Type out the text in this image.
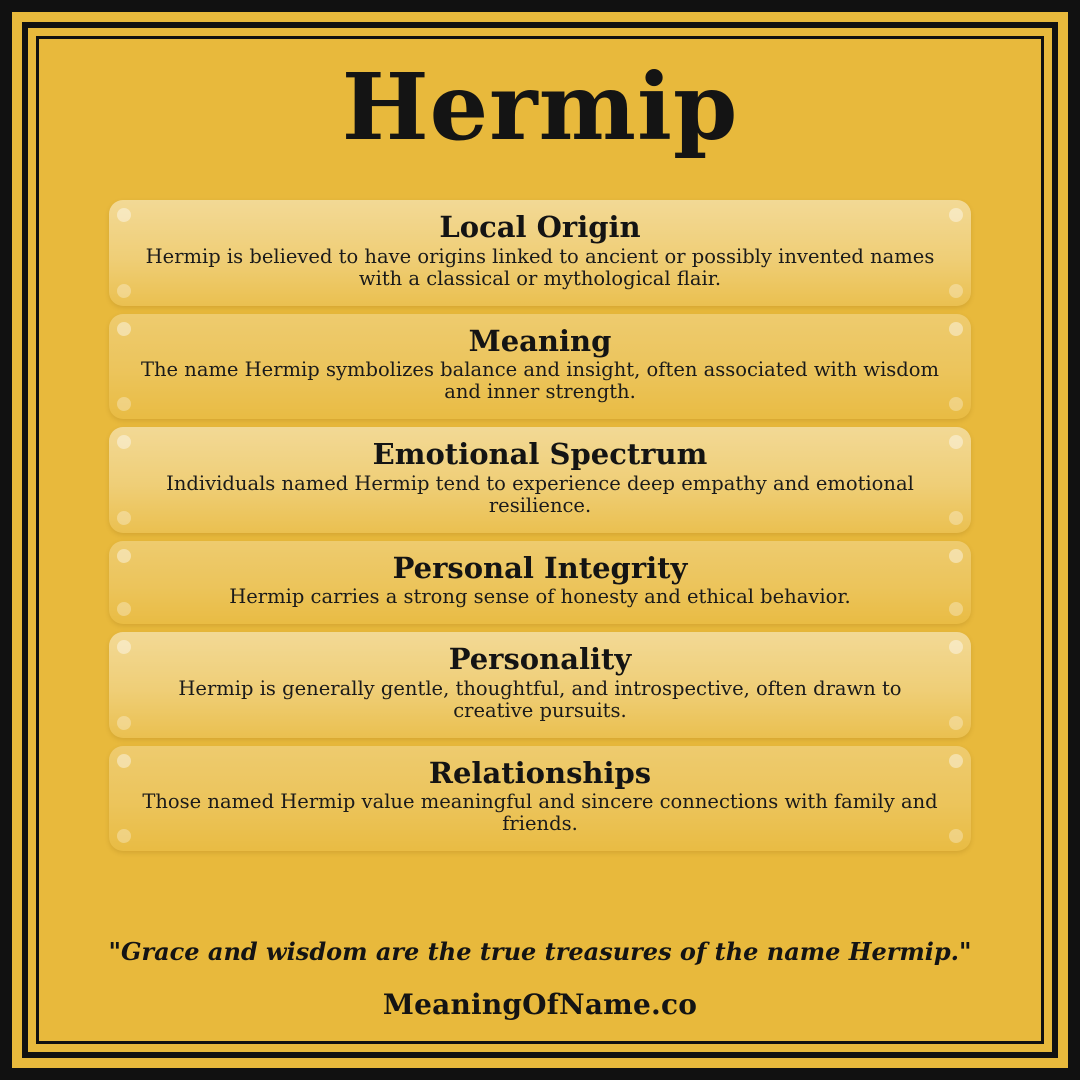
Hermip
Local Origin
Hermip is believed to have origins linked to ancient or possibly invented names with a classical or mythological flair.
Meaning
The name Hermip symbolizes balance and insight, often associated with wisdom and inner strength.
Emotional Spectrum
Individuals named Hermip tend to experience deep empathy and emotional resilience.
Personal Integrity
Hermip carries a strong sense of honesty and ethical behavior.
Personality
Hermip is generally gentle, thoughtful, and introspective, often drawn to creative pursuits.
Relationships
Those named Hermip value meaningful and sincere connections with family and friends.
"Grace and wisdom are the true treasures of the name Hermip."
MeaningOfName.co
